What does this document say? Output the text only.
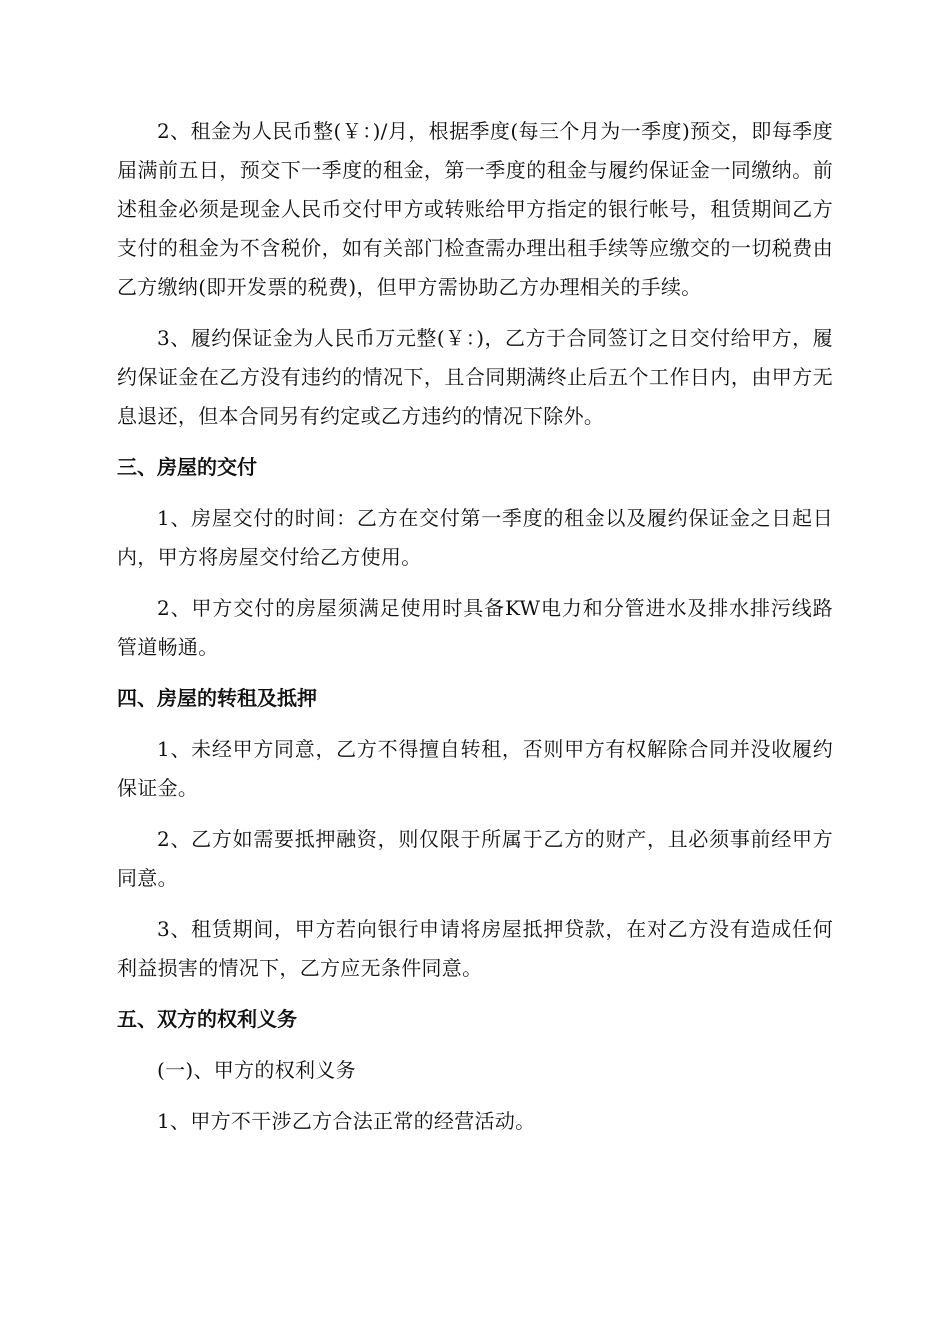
2、租金为人民币整(￥：)/月，根据季度(每三个月为一季度)预交，即每季度届满前五日，预交下一季度的租金，第一季度的租金与履约保证金一同缴纳。前述租金必须是现金人民币交付甲方或转账给甲方指定的银行帐号，租赁期间乙方支付的租金为不含税价，如有关部门检查需办理出租手续等应缴交的一切税费由乙方缴纳(即开发票的税费)，但甲方需协助乙方办理相关的手续。

3、履约保证金为人民币万元整(￥：)，乙方于合同签订之日交付给甲方，履约保证金在乙方没有违约的情况下，且合同期满终止后五个工作日内，由甲方无息退还，但本合同另有约定或乙方违约的情况下除外。

三、房屋的交付

1、房屋交付的时间：乙方在交付第一季度的租金以及履约保证金之日起日内，甲方将房屋交付给乙方使用。

2、甲方交付的房屋须满足使用时具备KW电力和分管进水及排水排污线路管道畅通。

四、房屋的转租及抵押

1、未经甲方同意，乙方不得擅自转租，否则甲方有权解除合同并没收履约保证金。

2、乙方如需要抵押融资，则仅限于所属于乙方的财产，且必须事前经甲方同意。

3、租赁期间，甲方若向银行申请将房屋抵押贷款，在对乙方没有造成任何利益损害的情况下，乙方应无条件同意。

五、双方的权利义务

(一)、甲方的权利义务

1、甲方不干涉乙方合法正常的经营活动。
